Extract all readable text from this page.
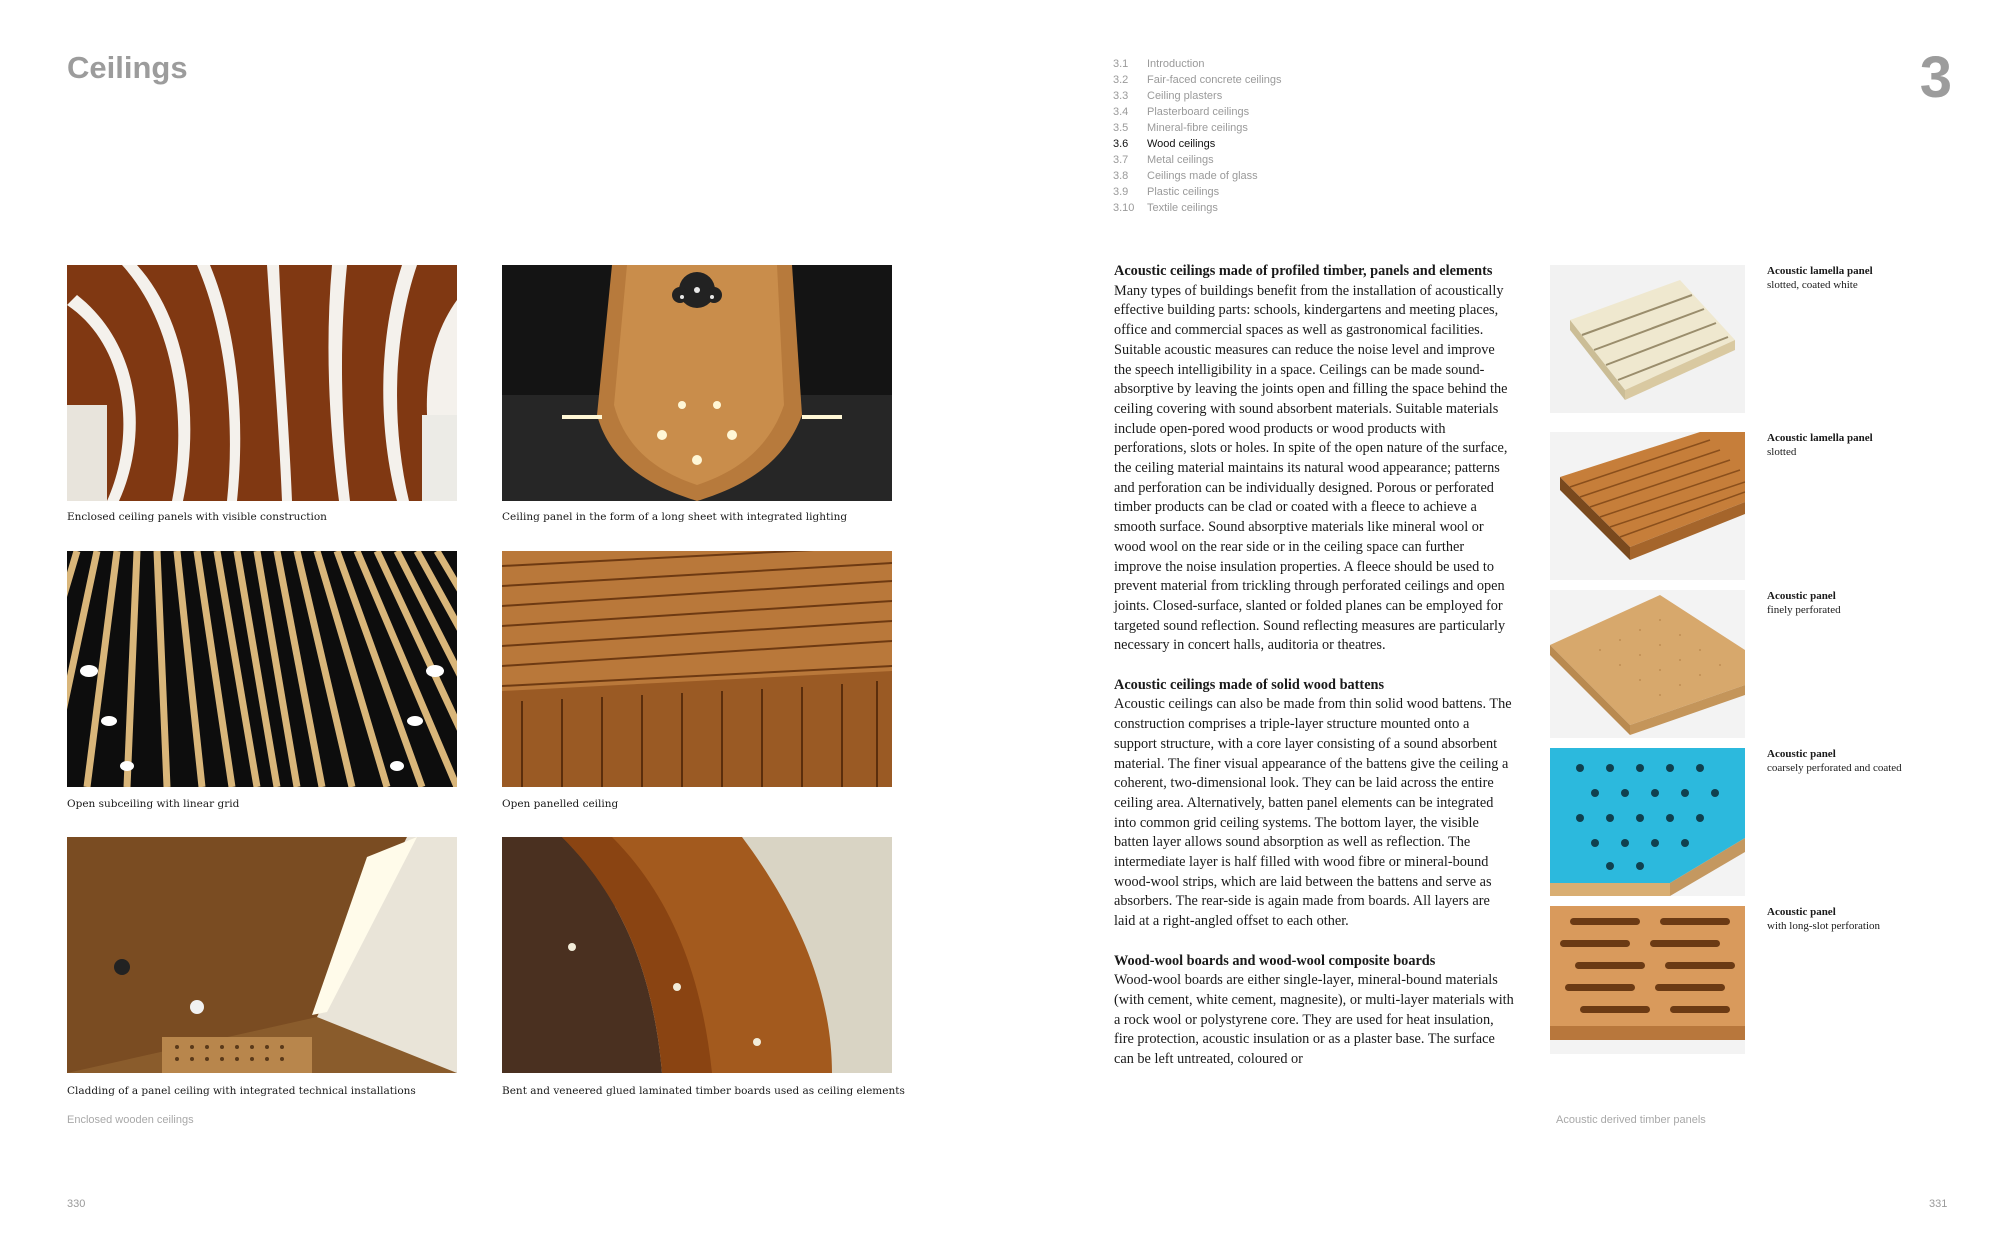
Ceilings
Enclosed ceiling panels with visible construction	Ceiling panel in the form of a long sheet with integrated lighting
Open subceiling with linear grid	Open panelled ceiling
Cladding of a panel ceiling with integrated technical installations	Bent and veneered glued laminated timber boards used as ceiling elements
Enclosed wooden ceilings
330
3
3.1	Introduction
3.2	Fair-faced concrete ceilings
3.3	Ceiling plasters
3.4	Plasterboard ceilings
3.5	Mineral-fibre ceilings
3.6	Wood ceilings
3.7	Metal ceilings
3.8	Ceilings made of glass
3.9	Plastic ceilings
3.10	Textile ceilings
Acoustic ceilings made of profiled timber, panels and elements

Many types of buildings benefit from the installation of acoustically effective building parts: schools, kindergartens and meeting places, office and commercial spaces as well as gastronomical facilities. Suitable acoustic measures can reduce the noise level and improve the speech intelligibility in a space. Ceilings can be made sound-absorptive by leaving the joints open and filling the space behind the ceiling covering with sound absorbent materials. Suitable materials include open-pored wood products or wood products with perforations, slots or holes. In spite of the open nature of the surface, the ceiling material maintains its natural wood appearance; patterns and perforation can be individually designed. Porous or perforated timber products can be clad or coated with a fleece to achieve a smooth surface. Sound absorptive materials like mineral wool or wood wool on the rear side or in the ceiling space can further improve the noise insulation properties. A fleece should be used to prevent material from trickling through perforated ceilings and open joints. Closed-surface, slanted or folded planes can be employed for targeted sound reflection. Sound reflecting measures are particularly necessary in concert halls, auditoria or theatres.

Acoustic ceilings made of solid wood battens

Acoustic ceilings can also be made from thin solid wood battens. The construction comprises a triple-layer structure mounted onto a support structure, with a core layer consisting of a sound absorbent material. The finer visual appearance of the battens give the ceiling a coherent, two-dimensional look. They can be laid across the entire ceiling area. Alternatively, batten panel elements can be integrated into common grid ceiling systems. The bottom layer, the visible batten layer allows sound absorption as well as reflection. The intermediate layer is half filled with wood fibre or mineral-bound wood-wool strips, which are laid between the battens and serve as absorbers. The rear-side is again made from boards. All layers are laid at a right-angled offset to each other.

Wood-wool boards and wood-wool composite boards

Wood-wool boards are either single-layer, mineral-bound materials (with cement, white cement, magnesite), or multi-layer materials with a rock wool or polystyrene core. They are used for heat insulation, fire protection, acoustic insulation or as a plaster base. The surface can be left untreated, coloured or

Acoustic lamella panel
slotted, coated white
Acoustic lamella panel
slotted
Acoustic panel
finely perforated
Acoustic panel
coarsely perforated and coated
Acoustic panel
with long-slot perforation
Acoustic derived timber panels
331
